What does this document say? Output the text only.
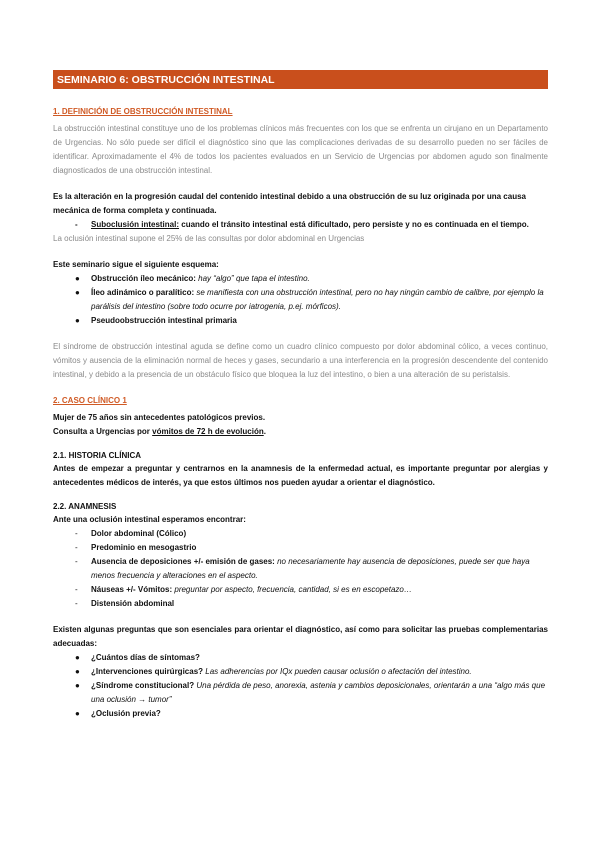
SEMINARIO 6: OBSTRUCCIÓN INTESTINAL
1. DEFINICIÓN DE OBSTRUCCIÓN INTESTINAL

La obstrucción intestinal constituye uno de los problemas clínicos más frecuentes con los que se enfrenta un cirujano en un Departamento de Urgencias. No sólo puede ser difícil el diagnóstico sino que las complicaciones derivadas de su desarrollo pueden no ser fáciles de identificar. Aproximadamente el 4% de todos los pacientes evaluados en un Servicio de Urgencias por abdomen agudo son finalmente diagnosticados de una obstrucción intestinal.

Es la alteración en la progresión caudal del contenido intestinal debido a una obstrucción de su luz originada por una causa mecánica de forma completa y continuada.

- Suboclusión intestinal: cuando el tránsito intestinal está dificultado, pero persiste y no es continuada en el tiempo.

La oclusión intestinal supone el 25% de las consultas por dolor abdominal en Urgencias

Este seminario sigue el siguiente esquema:

● Obstrucción íleo mecánico: hay “algo” que tapa el intestino.
● Íleo adinámico o paralítico: se manifiesta con una obstrucción intestinal, pero no hay ningún cambio de calibre, por ejemplo la parálisis del intestino (sobre todo ocurre por iatrogenia, p.ej. mórficos).
● Pseudoobstrucción intestinal primaria

El síndrome de obstrucción intestinal aguda se define como un cuadro clínico compuesto por dolor abdominal cólico, a veces continuo, vómitos y ausencia de la eliminación normal de heces y gases, secundario a una interferencia en la progresión descendente del contenido intestinal, y debido a la presencia de un obstáculo físico que bloquea la luz del intestino, o bien a una alteración de su peristalsis.

2. CASO CLÍNICO 1

Mujer de 75 años sin antecedentes patológicos previos.

Consulta a Urgencias por vómitos de 72 h de evolución.

2.1. HISTORIA CLÍNICA

Antes de empezar a preguntar y centrarnos en la anamnesis de la enfermedad actual, es importante preguntar por alergias y antecedentes médicos de interés, ya que estos últimos nos pueden ayudar a orientar el diagnóstico.

2.2. ANAMNESIS

Ante una oclusión intestinal esperamos encontrar:

- Dolor abdominal (Cólico)
- Predominio en mesogastrio
- Ausencia de deposiciones +/- emisión de gases: no necesariamente hay ausencia de deposiciones, puede ser que haya menos frecuencia y alteraciones en el aspecto.
- Náuseas +/- Vómitos: preguntar por aspecto, frecuencia, cantidad, si es en escopetazo…
- Distensión abdominal

Existen algunas preguntas que son esenciales para orientar el diagnóstico, así como para solicitar las pruebas complementarias adecuadas:

● ¿Cuántos días de síntomas?
● ¿Intervenciones quirúrgicas? Las adherencias por IQx pueden causar oclusión o afectación del intestino.
● ¿Síndrome constitucional? Una pérdida de peso, anorexia, astenia y cambios deposicionales, orientarán a una “algo más que una oclusión → tumor”
● ¿Oclusión previa?
